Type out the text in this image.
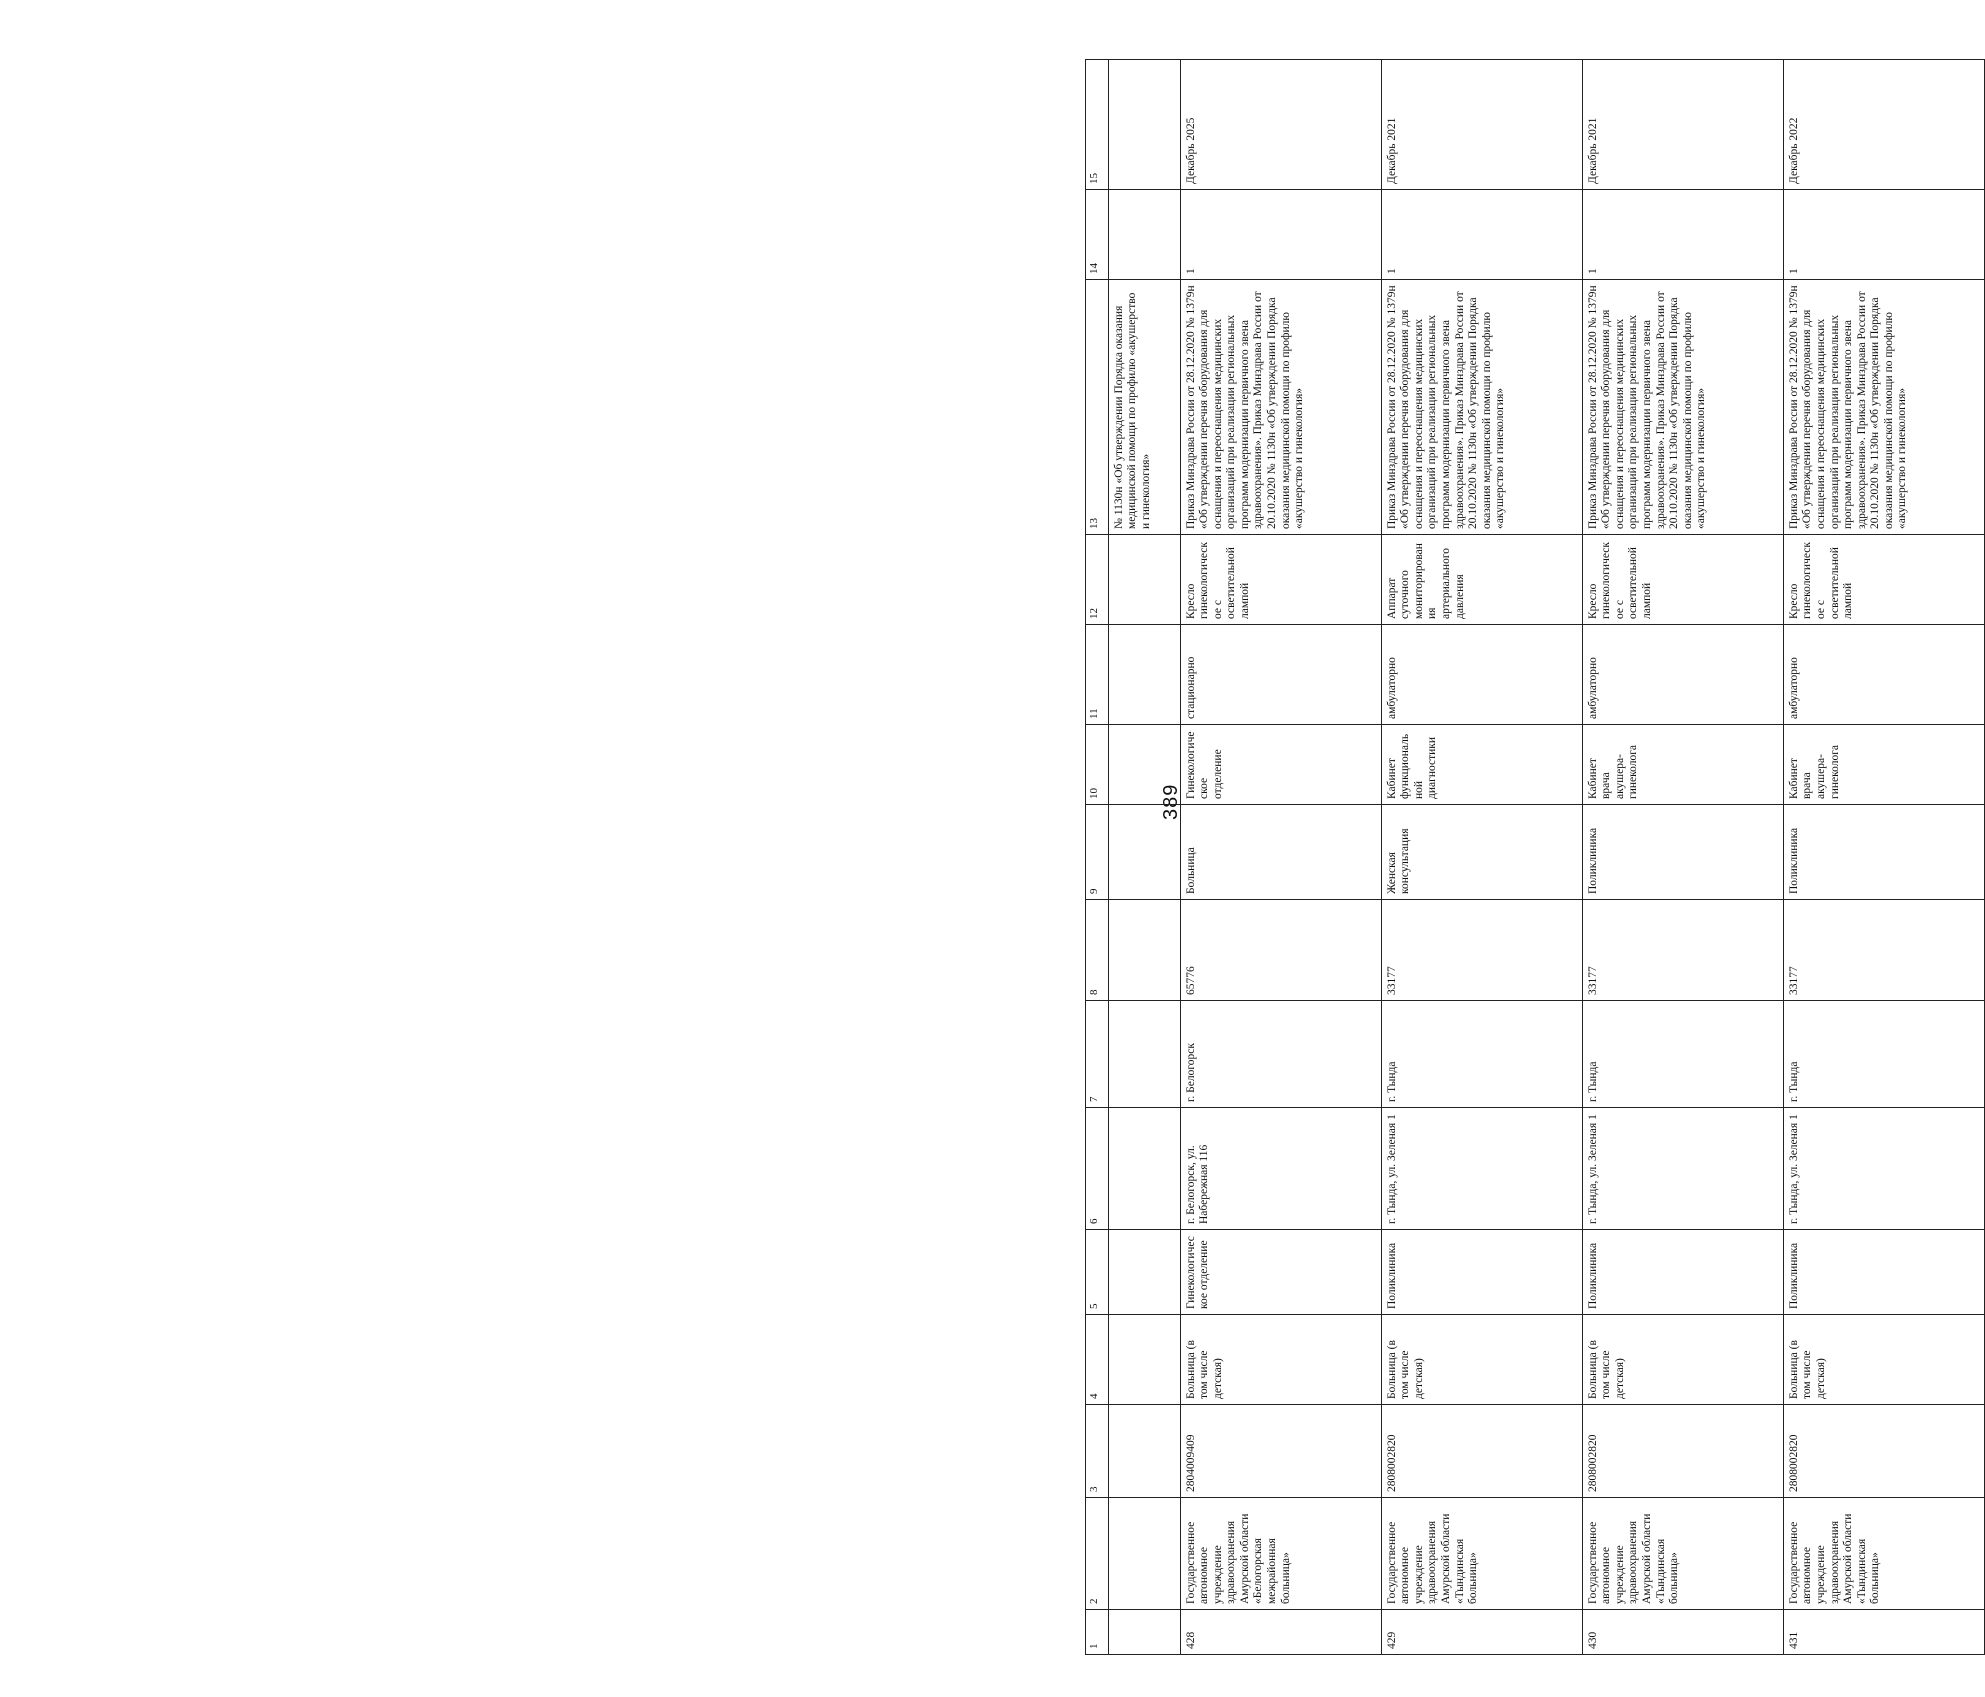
389
1	2	3	4	5	6	7	8	9	10	11	12	13	14	15
												№ 1130н «Об утверждении Порядка оказания медицинской помощи по профилю «акушерство и гинекология»		
428	Государственное автономное учреждение здравоохранения Амурской области «Белогорская межрайонная больница»	2804009409	Больница (в том числе детская)	Гинекологическое отделение	г. Белогорск, ул. Набережная 116	г. Белогорск	65776	Больница	Гинекологическое отделение	стационарно	Кресло гинекологическое с осветительной лампой	Приказ Минздрава России от 28.12.2020 № 1379н «Об утверждении перечня оборудования для оснащения и переоснащения медицинских организаций при реализации региональных программ модернизации первичного звена здравоохранения». Приказ Минздрава России от 20.10.2020 № 1130н «Об утверждении Порядка оказания медицинской помощи по профилю «акушерство и гинекология»	1	Декабрь 2025
429	Государственное автономное учреждение здравоохранения Амурской области «Тындинская больница»	2808002820	Больница (в том числе детская)	Поликлиника	г. Тында, ул. Зеленая 1	г. Тында	33177	Женская консультация	Кабинет функциональной диагностики	амбулаторно	Аппарат суточного мониторирования артериального давления	Приказ Минздрава России от 28.12.2020 № 1379н «Об утверждении перечня оборудования для оснащения и переоснащения медицинских организаций при реализации региональных программ модернизации первичного звена здравоохранения». Приказ Минздрава России от 20.10.2020 № 1130н «Об утверждении Порядка оказания медицинской помощи по профилю «акушерство и гинекология»	1	Декабрь 2021
430	Государственное автономное учреждение здравоохранения Амурской области «Тындинская больница»	2808002820	Больница (в том числе детская)	Поликлиника	г. Тында, ул. Зеленая 1	г. Тында	33177	Поликлиника	Кабинет врача акушера-гинеколога	амбулаторно	Кресло гинекологическое с осветительной лампой	Приказ Минздрава России от 28.12.2020 № 1379н «Об утверждении перечня оборудования для оснащения и переоснащения медицинских организаций при реализации региональных программ модернизации первичного звена здравоохранения». Приказ Минздрава России от 20.10.2020 № 1130н «Об утверждении Порядка оказания медицинской помощи по профилю «акушерство и гинекология»	1	Декабрь 2021
431	Государственное автономное учреждение здравоохранения Амурской области «Тындинская больница»	2808002820	Больница (в том числе детская)	Поликлиника	г. Тында, ул. Зеленая 1	г. Тында	33177	Поликлиника	Кабинет врача акушера-гинеколога	амбулаторно	Кресло гинекологическое с осветительной лампой	Приказ Минздрава России от 28.12.2020 № 1379н «Об утверждении перечня оборудования для оснащения и переоснащения медицинских организаций при реализации региональных программ модернизации первичного звена здравоохранения». Приказ Минздрава России от 20.10.2020 № 1130н «Об утверждении Порядка оказания медицинской помощи по профилю «акушерство и гинекология»	1	Декабрь 2022
